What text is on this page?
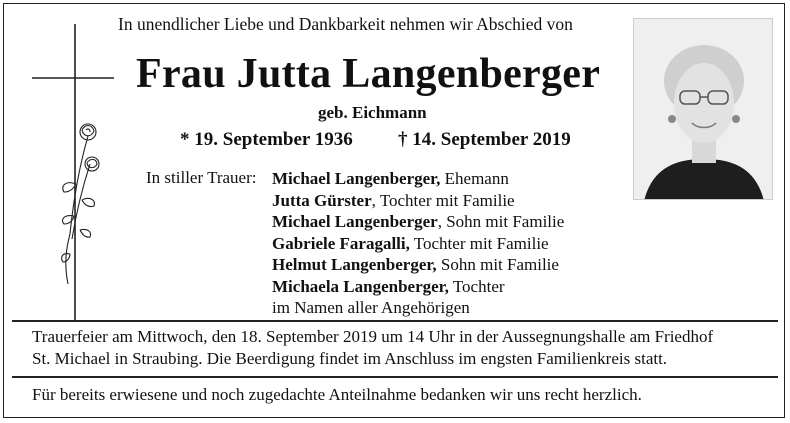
In unendlicher Liebe und Dankbarkeit nehmen wir Abschied von
Frau Jutta Langenberger
geb. Eichmann
* 19. September 1936 † 14. September 2019
In stiller Trauer: Michael Langenberger, Ehemann
Jutta Gürster, Tochter mit Familie
Michael Langenberger, Sohn mit Familie
Gabriele Faragalli, Tochter mit Familie
Helmut Langenberger, Sohn mit Familie
Michaela Langenberger, Tochter
im Namen aller Angehörigen
Trauerfeier am Mittwoch, den 18. September 2019 um 14 Uhr in der Aussegnungshalle am Friedhof
St. Michael in Straubing. Die Beerdigung findet im Anschluss im engsten Familienkreis statt.
Für bereits erwiesene und noch zugedachte Anteilnahme bedanken wir uns recht herzlich.
